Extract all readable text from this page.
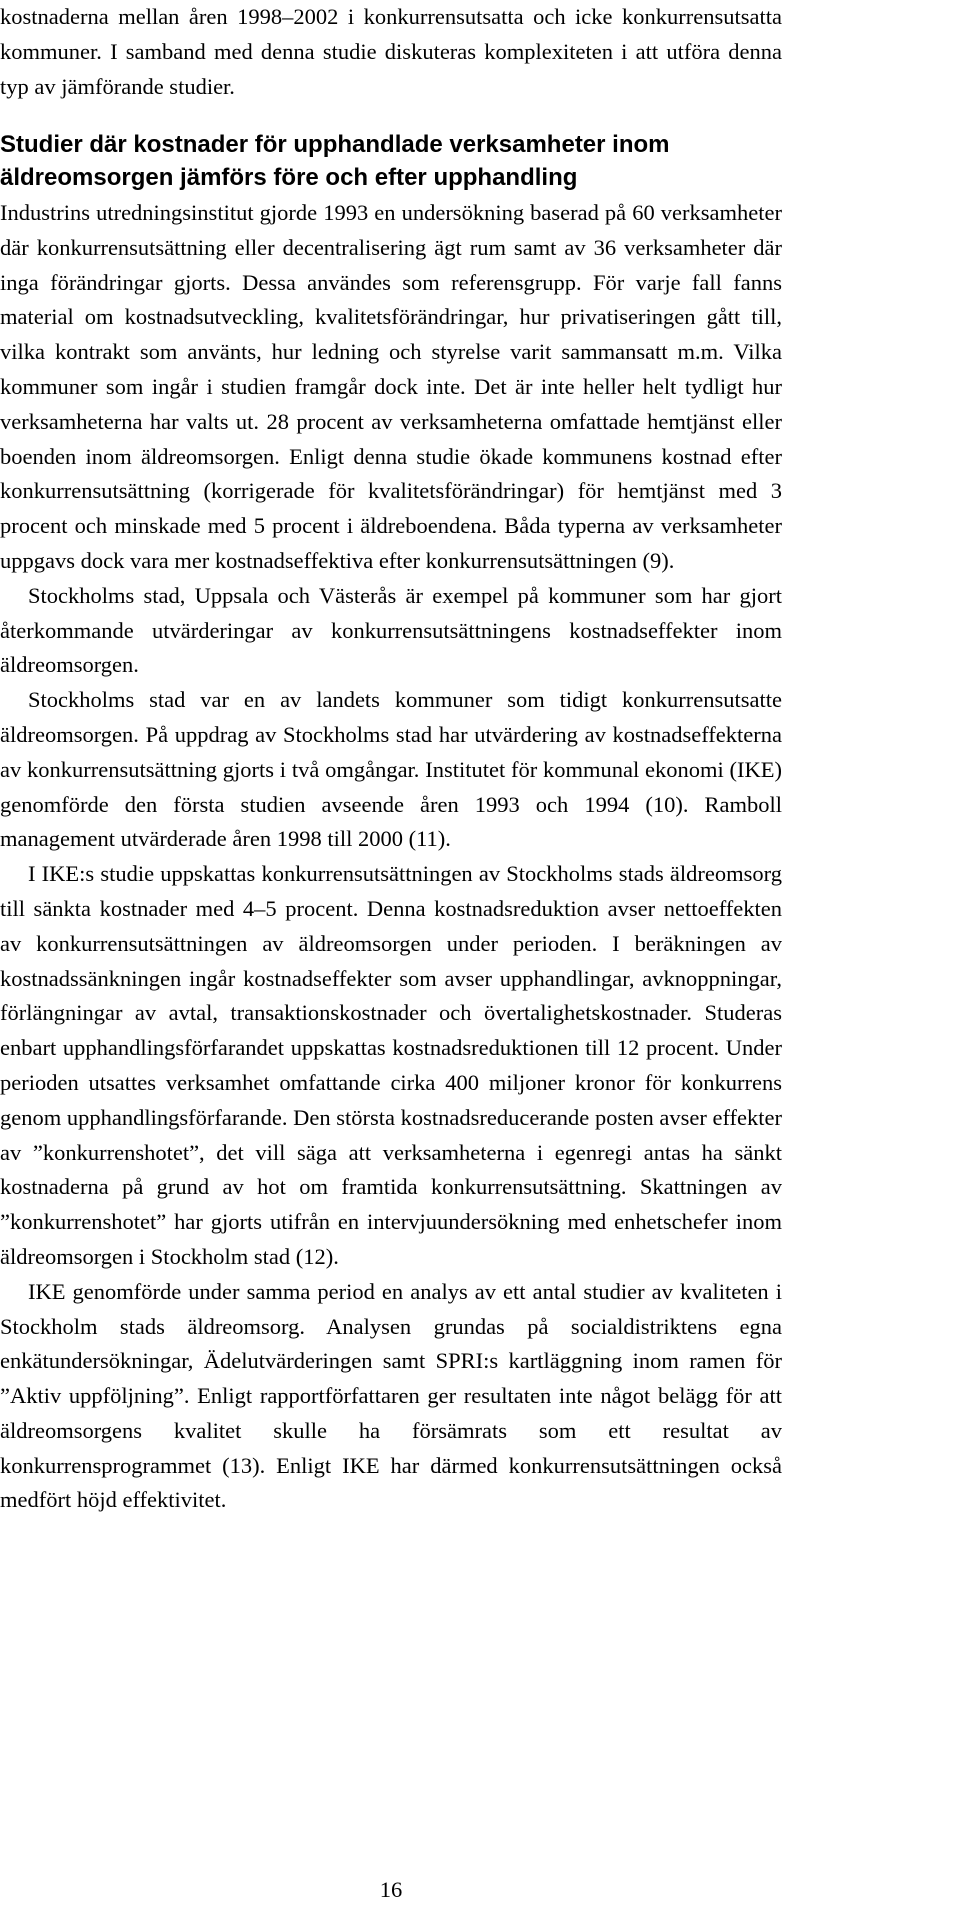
kostnaderna mellan åren 1998–2002 i konkurrensutsatta och icke konkurrensutsatta kommuner. I samband med denna studie diskuteras komplexiteten i att utföra denna typ av jämförande studier.

Studier där kostnader för upphandlade verksamheter inom äldreomsorgen jämförs före och efter upphandling

Industrins utredningsinstitut gjorde 1993 en undersökning baserad på 60 verksamheter där konkurrensutsättning eller decentralisering ägt rum samt av 36 verksamheter där inga förändringar gjorts. Dessa användes som referensgrupp. För varje fall fanns material om kostnadsutveckling, kvalitetsförändringar, hur privatiseringen gått till, vilka kontrakt som använts, hur ledning och styrelse varit sammansatt m.m. Vilka kommuner som ingår i studien framgår dock inte. Det är inte heller helt tydligt hur verksamheterna har valts ut. 28 procent av verksamheterna omfattade hemtjänst eller boenden inom äldreomsorgen. Enligt denna studie ökade kommunens kostnad efter konkurrensutsättning (korrigerade för kvalitetsförändringar) för hemtjänst med 3 procent och minskade med 5 procent i äldreboendena. Båda typerna av verksamheter uppgavs dock vara mer kostnadseffektiva efter konkurrensutsättningen (9).

Stockholms stad, Uppsala och Västerås är exempel på kommuner som har gjort återkommande utvärderingar av konkurrensutsättningens kostnadseffekter inom äldreomsorgen.

Stockholms stad var en av landets kommuner som tidigt konkurrensutsatte äldreomsorgen. På uppdrag av Stockholms stad har utvärdering av kostnadseffekterna av konkurrensutsättning gjorts i två omgångar. Institutet för kommunal ekonomi (IKE) genomförde den första studien avseende åren 1993 och 1994 (10). Ramboll management utvärderade åren 1998 till 2000 (11).

I IKE:s studie uppskattas konkurrensutsättningen av Stockholms stads äldreomsorg till sänkta kostnader med 4–5 procent. Denna kostnadsreduktion avser nettoeffekten av konkurrensutsättningen av äldreomsorgen under perioden. I beräkningen av kostnadssänkningen ingår kostnadseffekter som avser upphandlingar, avknoppningar, förlängningar av avtal, transaktionskostnader och övertalighetskostnader. Studeras enbart upphandlingsförfarandet uppskattas kostnadsreduktionen till 12 procent. Under perioden utsattes verksamhet omfattande cirka 400 miljoner kronor för konkurrens genom upphandlingsförfarande. Den största kostnadsreducerande posten avser effekter av ”konkurrenshotet”, det vill säga att verksamheterna i egenregi antas ha sänkt kostnaderna på grund av hot om framtida konkurrensutsättning. Skattningen av ”konkurrenshotet” har gjorts utifrån en intervjuundersökning med enhetschefer inom äldreomsorgen i Stockholm stad (12).

IKE genomförde under samma period en analys av ett antal studier av kvaliteten i Stockholm stads äldreomsorg. Analysen grundas på socialdistriktens egna enkätundersökningar, Ädelutvärderingen samt SPRI:s kartläggning inom ramen för ”Aktiv uppföljning”. Enligt rapportförfattaren ger resultaten inte något belägg för att äldreomsorgens kvalitet skulle ha försämrats som ett resultat av konkurrensprogrammet (13). Enligt IKE har därmed konkurrensutsättningen också medfört höjd effektivitet.

16
